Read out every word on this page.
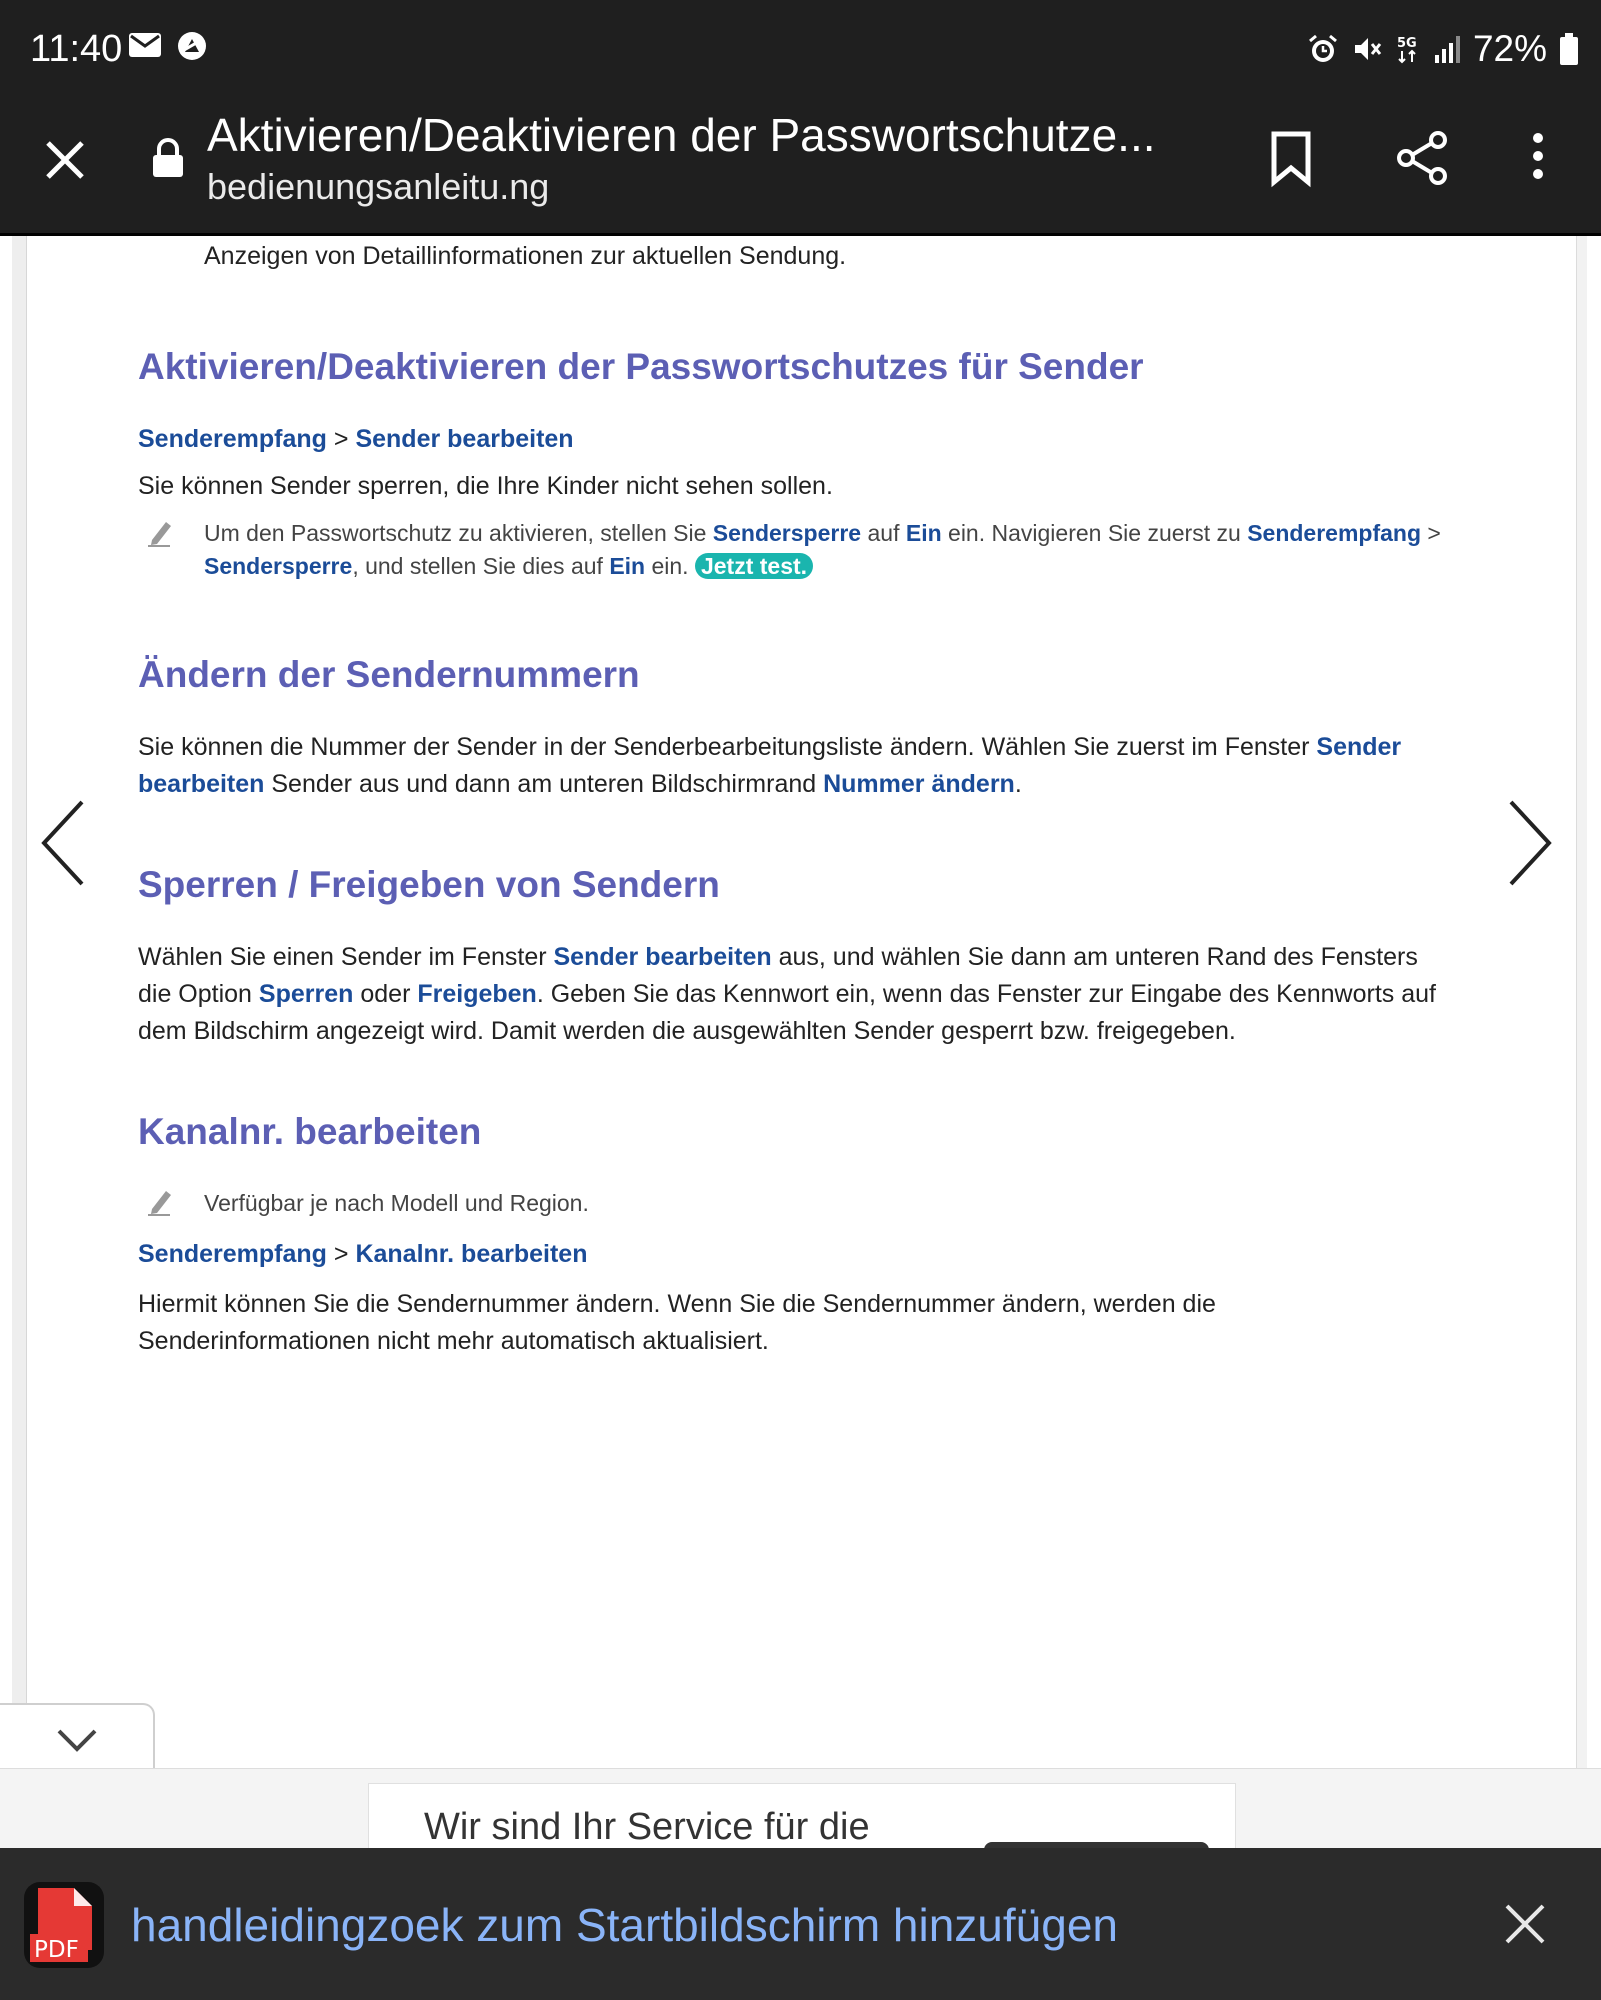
11:40	5G 72%
Aktivieren/Deaktivieren der Passwortschutze...
bedienungsanleitu.ng
Anzeigen von Detaillinformationen zur aktuellen Sendung.
Aktivieren/Deaktivieren der Passwortschutzes für Sender
Senderempfang > Sender bearbeiten
Sie können Sender sperren, die Ihre Kinder nicht sehen sollen.
Um den Passwortschutz zu aktivieren, stellen Sie Sendersperre auf Ein ein. Navigieren Sie zuerst zu Senderempfang >
Sendersperre, und stellen Sie dies auf Ein ein. Jetzt test.
Ändern der Sendernummern
Sie können die Nummer der Sender in der Senderbearbeitungsliste ändern. Wählen Sie zuerst im Fenster Sender
bearbeiten Sender aus und dann am unteren Bildschirmrand Nummer ändern.
Sperren / Freigeben von Sendern
Wählen Sie einen Sender im Fenster Sender bearbeiten aus, und wählen Sie dann am unteren Rand des Fensters
die Option Sperren oder Freigeben. Geben Sie das Kennwort ein, wenn das Fenster zur Eingabe des Kennworts auf
dem Bildschirm angezeigt wird. Damit werden die ausgewählten Sender gesperrt bzw. freigegeben.
Kanalnr. bearbeiten
Verfügbar je nach Modell und Region.
Senderempfang > Kanalnr. bearbeiten
Hiermit können Sie die Sendernummer ändern. Wenn Sie die Sendernummer ändern, werden die
Senderinformationen nicht mehr automatisch aktualisiert.
Wir sind Ihr Service für die
PDF handleidingzoek zum Startbildschirm hinzufügen
